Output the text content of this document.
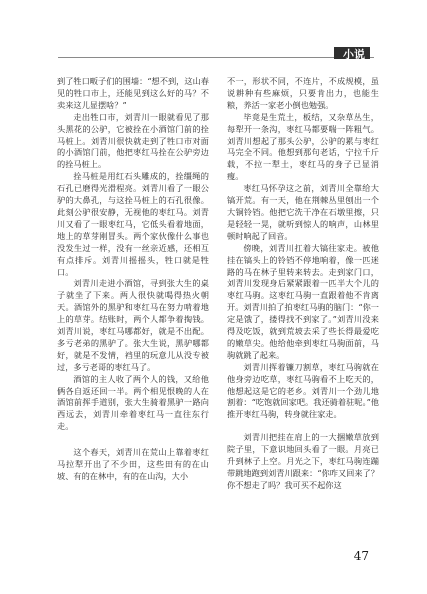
小说

到了牲口畈子们的围墙：“想不到，这山春见的牲口市上，还能见到这么好的马？不卖来这儿显摆啥？”

走出牲口市，刘青川一眼就看见了那头黑花的公驴，它被拴在小酒馆门前的拴马桩上。刘青川很快就走到了牲口市对面的小酒馆门前，他把枣红马拴在公驴旁边的拴马桩上。

拴马桩是用红石头雕成的，拴缰绳的石孔已磨得光滑程亮。刘青川看了一眼公驴的大鼻孔，与这拴马桩上的石孔很像。此刻公驴很安静，无视他的枣红马。刘青川又看了一眼枣红马，它低头看着地面，地上的草芽刚冒头。两个家伙像什么事也没发生过一样，没有一丝亲近感，还相互有点排斥。刘青川摇摇头，牲口就是牲口。

刘青川走进小酒馆，寻到张大生的桌子就坐了下来。两人很快就喝得热火朝天。酒馆外的黑驴和枣红马在努力啃着地上的草芽。结账时，两个人都争着掏钱。刘青川说，枣红马哪都好，就是不出配。多亏老弟的黑驴了。张大生说，黑驴哪都好，就是不发情，裆里的玩意儿从没专被过，多亏老哥的枣红马了。

酒馆的主人收了两个人的钱，又给他俩各自返还回一半。两个相见恨晚的人在酒馆前挥手道别，张大生骑着黑驴一路向西远去，刘青川牵着枣红马一直往东行走。

这个春天，刘青川在荒山上靠着枣红马拉犁开出了不少田，这些田有的在山坡、有的在林中，有的在山沟，大小

不一，形状不同，不连片，不成规模，虽说耕种有些麻烦，只要肯出力，也能生粮，养活一家老小倒也勉强。

毕竟是生荒土，板结，又杂草丛生，每犁开一条沟，枣红马都要喘一阵粗气。刘青川想起了那头公驴，公驴的累与枣红马完全不同。他想到那句老话，宁拉千斤载，不拉一犁土，枣红马的身子已显消瘦。

枣红马怀孕这之前，刘青川全靠给大镐开荒。有一天，他在荆棘丛里刨出一个大铜铃铛。他把它洗干净在石墩里擦，只是轻轻一晃，就听到惊人的响声，山林里顿时响起了回音。

傍晚，刘青川扛着大镐往家走。被他挂在镐头上的铃铛不停地响着，像一匹迷路的马在林子里转来转去。走到家门口，刘青川发现身后紧紧跟着一匹半大个儿的枣红马驹。这枣红马驹一直跟着他不肯离开。刘青川拍了拍枣红马驹的脑门：“你一定是饿了，搂得找不到家了。”刘青川没来得及吃饭，就到荒坡去采了些长得最爱吃的嫩草尖。他给他牵到枣红马驹面前，马驹就跳了起来。

刘青川挥着镰刀割草，枣红马驹就在他身旁边吃草，枣红马驹看不上吃天的，他想起这是它的老乡。刘青川一个劲儿地割着：“吃饱就回家吧。我还骑着驻呢。”他推开枣红马驹，转身就往家走。

刘青川把挂在肩上的一大捆嫩草放到院子里，下意识地回头看了一眼。月亮已升到林子上空。月光之下，枣红马驹连蹦带跳地跑到刘青川跟来：“你咋又回来了？你不想走了吗？我可买不起你这

47
